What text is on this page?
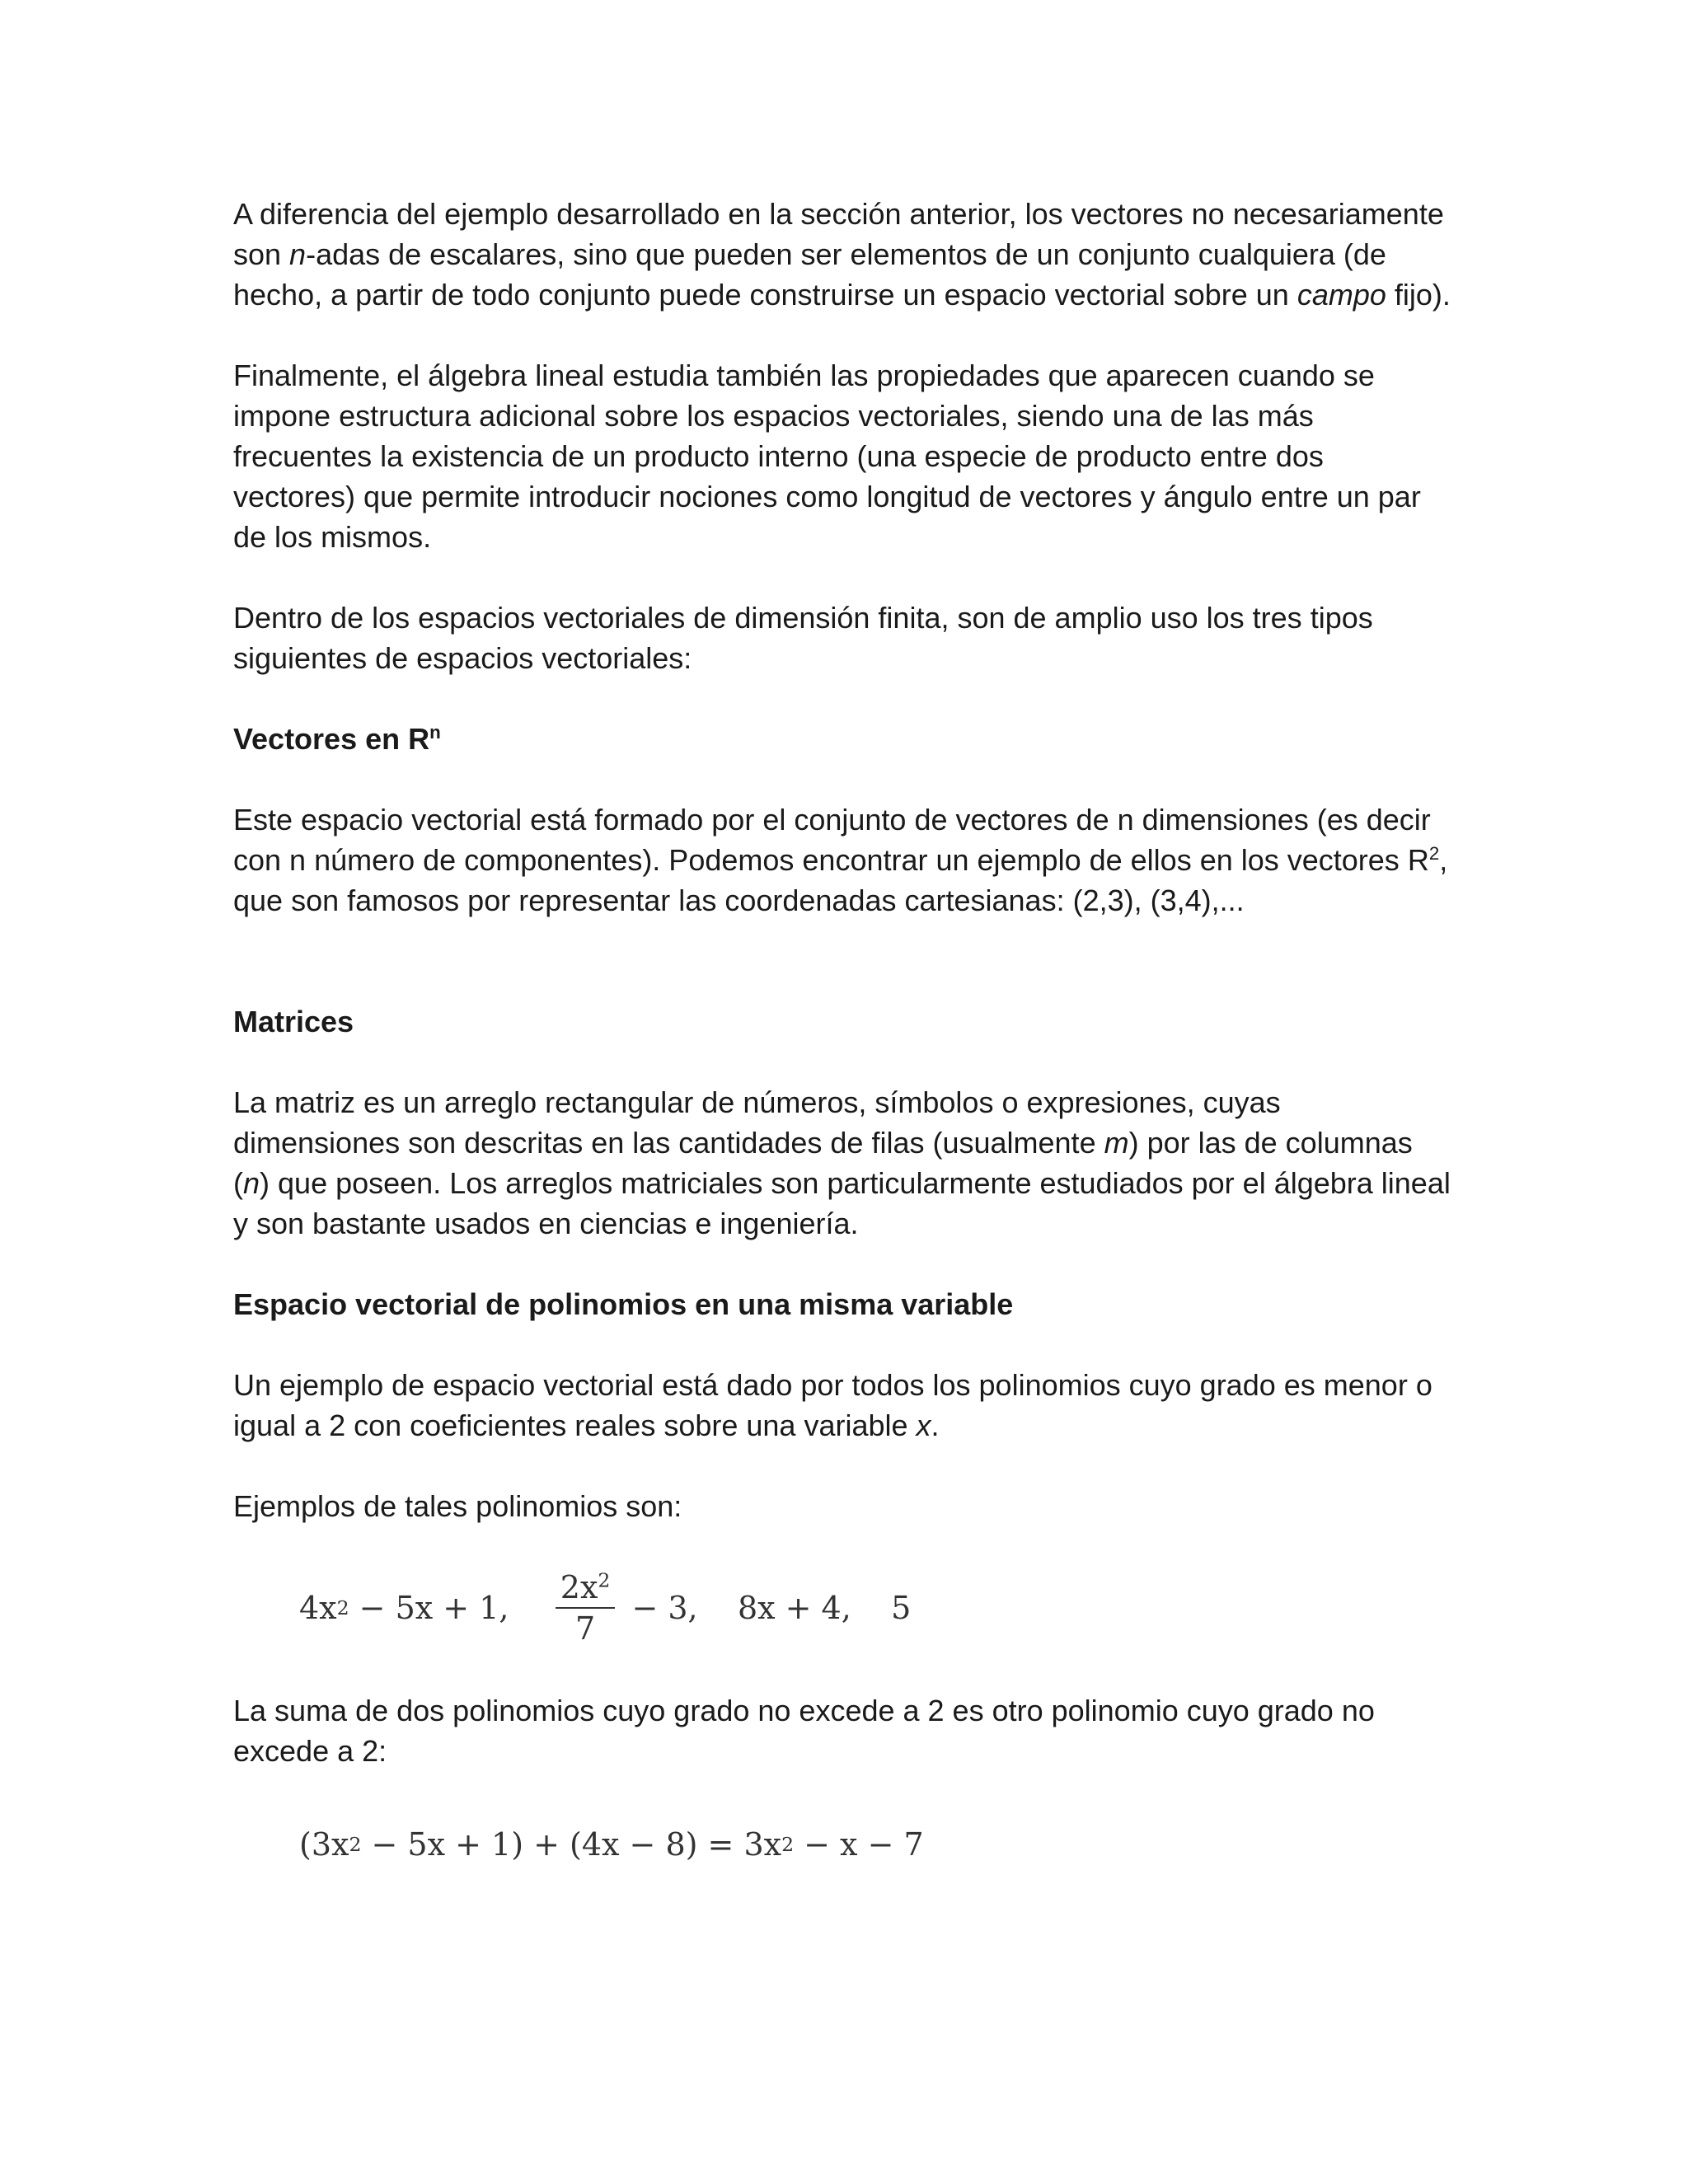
A diferencia del ejemplo desarrollado en la sección anterior, los vectores no necesariamente son n-adas de escalares, sino que pueden ser elementos de un conjunto cualquiera (de hecho, a partir de todo conjunto puede construirse un espacio vectorial sobre un campo fijo).

Finalmente, el álgebra lineal estudia también las propiedades que aparecen cuando se impone estructura adicional sobre los espacios vectoriales, siendo una de las más frecuentes la existencia de un producto interno (una especie de producto entre dos vectores) que permite introducir nociones como longitud de vectores y ángulo entre un par de los mismos.

Dentro de los espacios vectoriales de dimensión finita, son de amplio uso los tres tipos siguientes de espacios vectoriales:

Vectores en $R^n$

Este espacio vectorial está formado por el conjunto de vectores de n dimensiones (es decir con n número de componentes). Podemos encontrar un ejemplo de ellos en los vectores $R^2$, que son famosos por representar las coordenadas cartesianas: (2,3), (3,4),...

Matrices

La matriz es un arreglo rectangular de números, símbolos o expresiones, cuyas dimensiones son descritas en las cantidades de filas (usualmente m) por las de columnas (n) que poseen. Los arreglos matriciales son particularmente estudiados por el álgebra lineal y son bastante usados en ciencias e ingeniería.

Espacio vectorial de polinomios en una misma variable

Un ejemplo de espacio vectorial está dado por todos los polinomios cuyo grado es menor o igual a 2 con coeficientes reales sobre una variable x.

Ejemplos de tales polinomios son:

4x 2 − 5x + 1, $\frac{2x^2}{7} - 3$,    8x + 4,    5

La suma de dos polinomios cuyo grado no excede a 2 es otro polinomio cuyo grado no excede a 2:

(3x 2 − 5x + 1) + (4x − 8) = 3x 2 − x − 7
